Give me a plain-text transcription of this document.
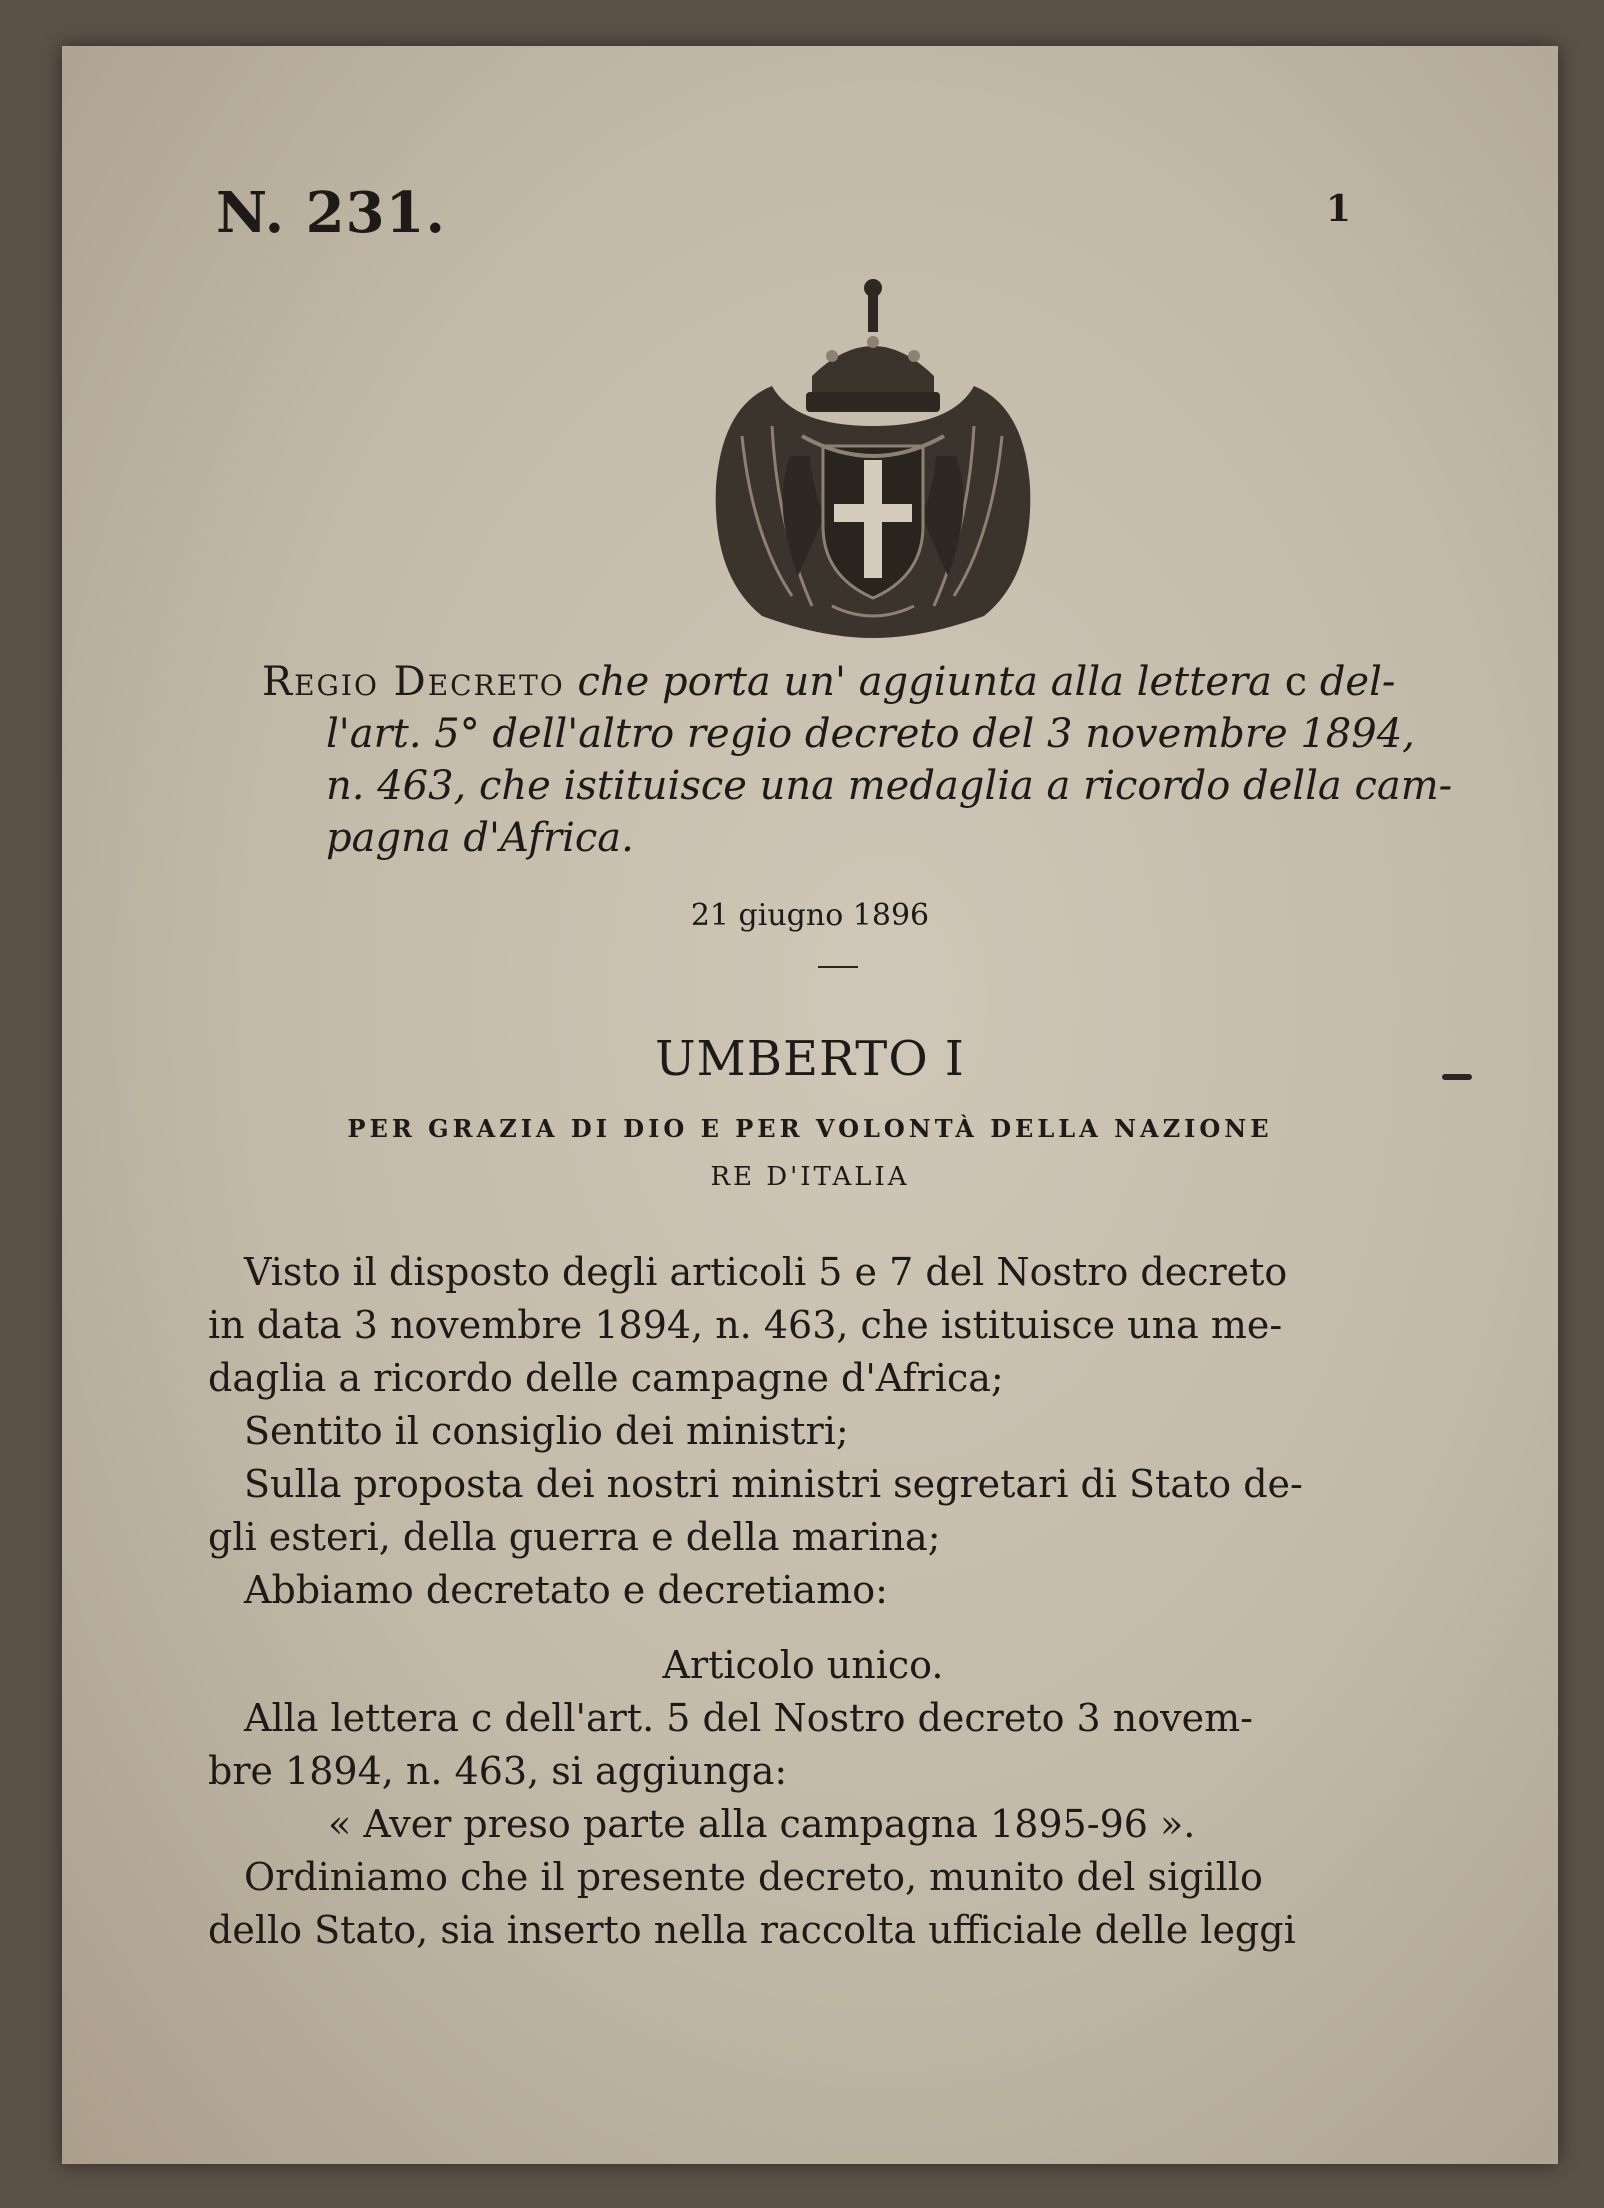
N. 231.	1
Regio Decreto che porta un' aggiunta alla lettera c del-
l'art. 5° dell'altro regio decreto del 3 novembre 1894,
n. 463, che istituisce una medaglia a ricordo della cam-
pagna d'Africa.
21 giugno 1896
UMBERTO I
PER GRAZIA DI DIO E PER VOLONTÀ DELLA NAZIONE
RE D'ITALIA
Visto il disposto degli articoli 5 e 7 del Nostro decreto
in data 3 novembre 1894, n. 463, che istituisce una me-
daglia a ricordo delle campagne d'Africa;
Sentito il consiglio dei ministri;
Sulla proposta dei nostri ministri segretari di Stato de-
gli esteri, della guerra e della marina;
Abbiamo decretato e decretiamo:
Articolo unico.
Alla lettera c dell'art. 5 del Nostro decreto 3 novem-
bre 1894, n. 463, si aggiunga:
« Aver preso parte alla campagna 1895-96 ».
Ordiniamo che il presente decreto, munito del sigillo
dello Stato, sia inserto nella raccolta ufficiale delle leggi
